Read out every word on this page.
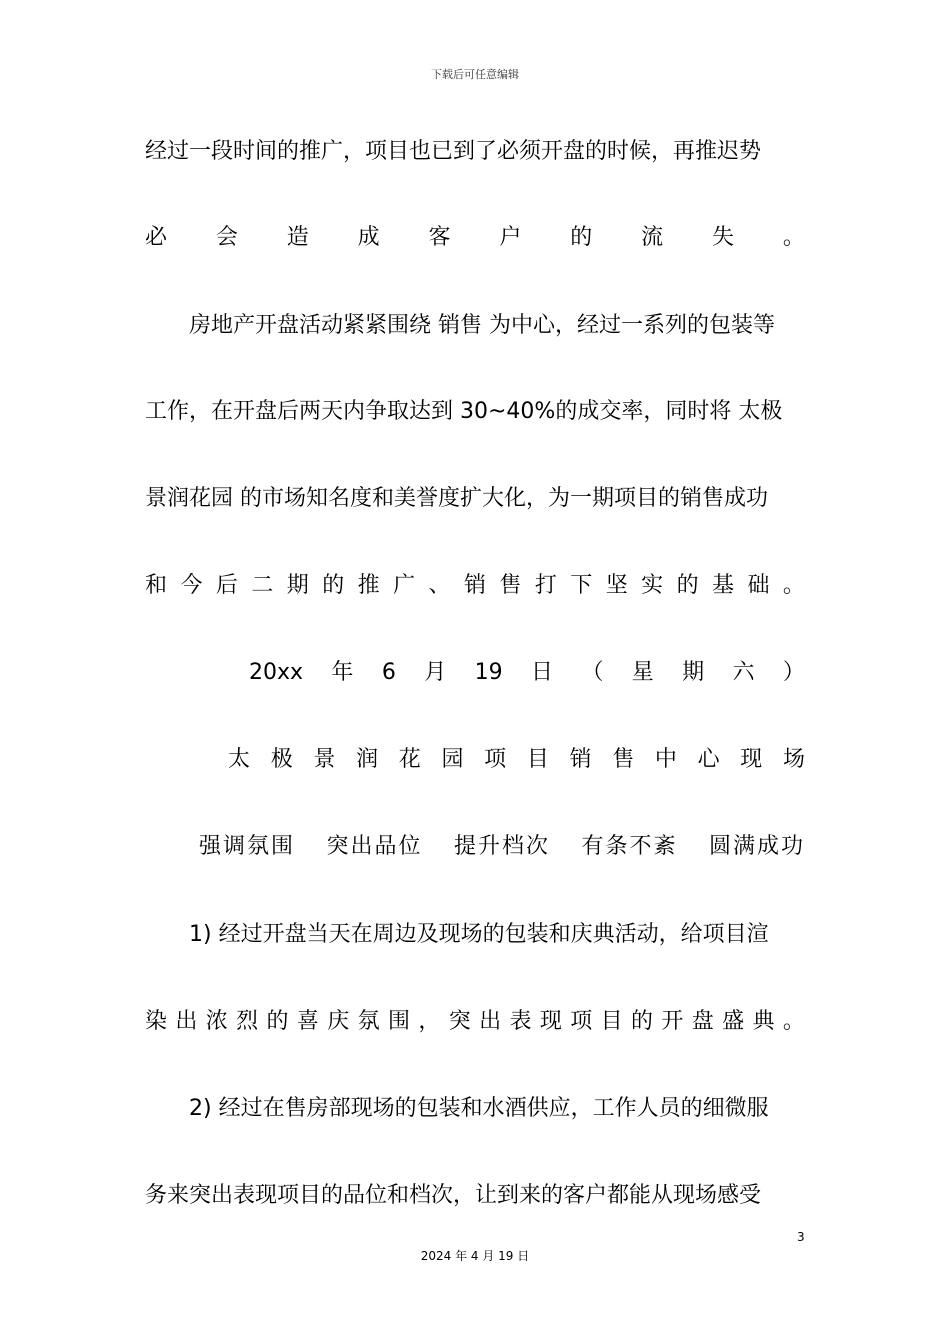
下载后可任意编辑
经过一段时间的推广，项目也已到了必须开盘的时候，再推迟势
必 会 造 成 客 户 的 流 失 。
房地产开盘活动紧紧围绕 销售 为中心，经过一系列的包装等
工作，在开盘后两天内争取达到 30~40%的成交率，同时将 太极
景润花园 的市场知名度和美誉度扩大化，为一期项目的销售成功
和 今 后 二 期 的 推 广 、 销 售 打 下 坚 实 的 基 础 。
20xx 年 6 月 19 日 （ 星 期 六 ）
太 极 景 润 花 园 项 目 销 售 中 心 现 场
强调氛围 突出品位 提升档次 有条不紊 圆满成功
1) 经过开盘当天在周边及现场的包装和庆典活动，给项目渲
染 出 浓 烈 的 喜 庆 氛 围 ， 突 出 表 现 项 目 的 开 盘 盛 典 。
2) 经过在售房部现场的包装和水酒供应，工作人员的细微服
务来突出表现项目的品位和档次，让到来的客户都能从现场感受
3
2024 年 4 月 19 日
